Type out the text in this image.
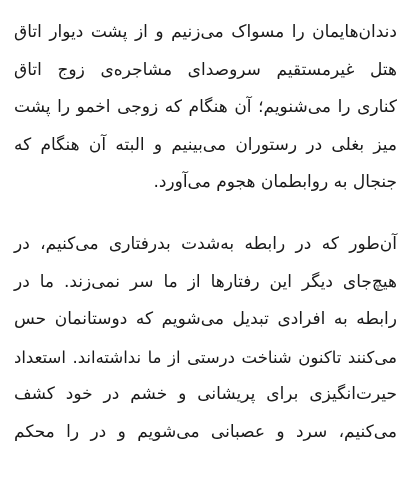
دندان‌هایمان را مسواک می‌زنیم و از پشت دیوار اتاق
هتل غیرمستقیم سروصدای مشاجره‌ی زوج اتاق
کناری را می‌شنویم؛ آن هنگام که زوجی اخمو را پشت
میز بغلی در رستوران می‌بینیم و البته آن هنگام که
جنجال به روابطمان هجوم می‌آورد.
آن‌طور که در رابطه به‌شدت بدرفتاری می‌کنیم، در
هیچ‌جای دیگر این رفتارها از ما سر نمی‌زند. ما در
رابطه به افرادی تبدیل می‌شویم که دوستانمان حس
می‌کنند تاکنون شناخت درستی از ما نداشته‌اند. استعداد
حیرت‌انگیزی برای پریشانی و خشم در خود کشف
می‌کنیم، سرد و عصبانی می‌شویم و در را محکم
